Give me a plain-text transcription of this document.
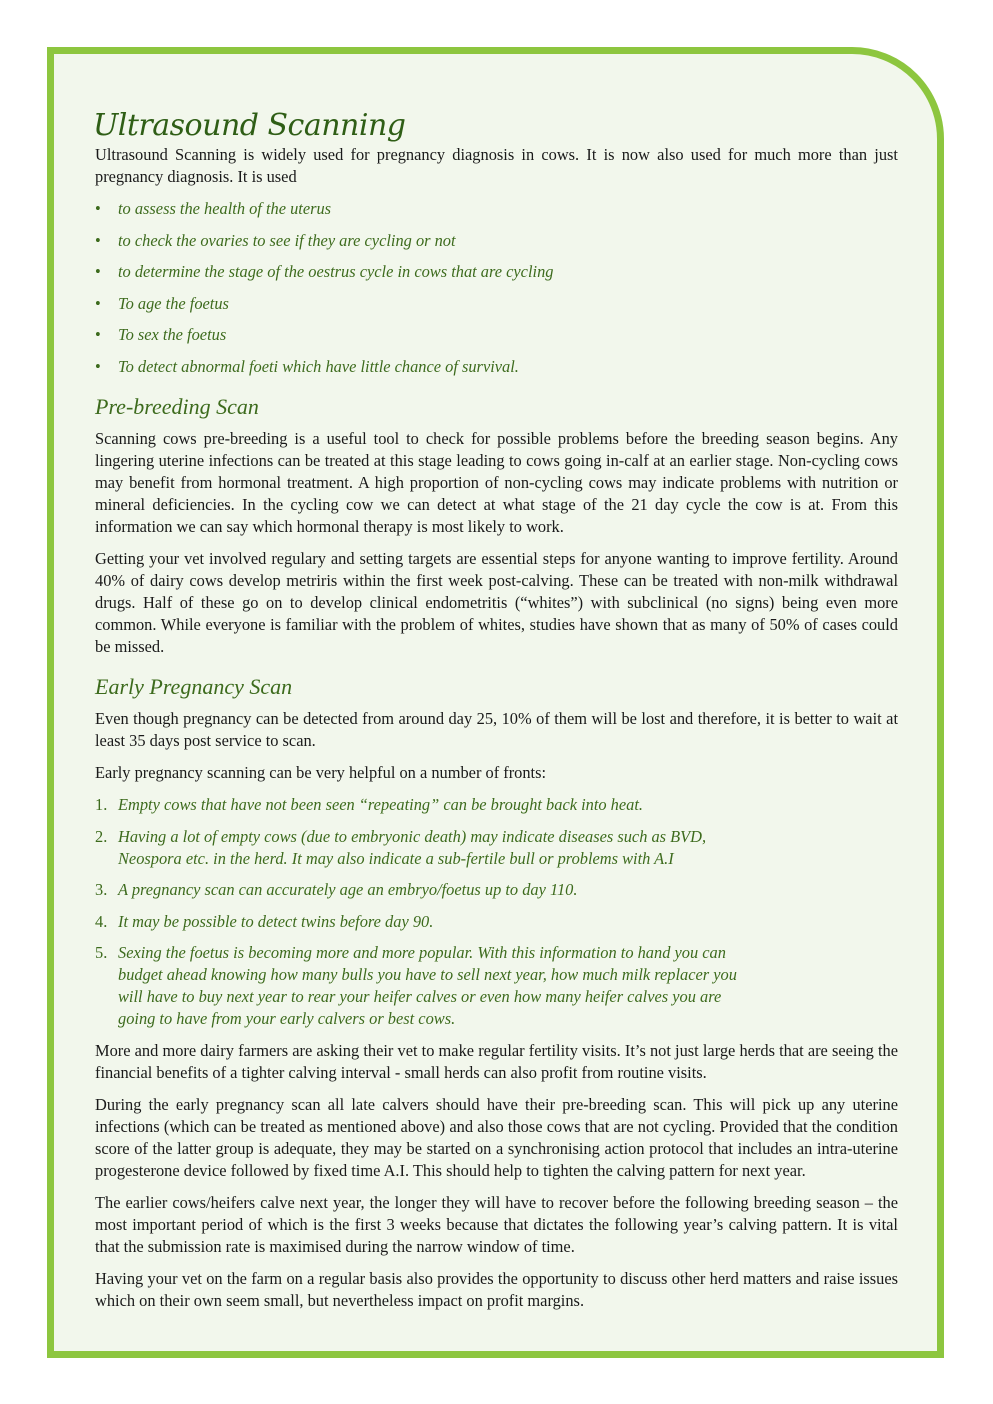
Ultrasound Scanning

Ultrasound Scanning is widely used for pregnancy diagnosis in cows. It is now also used for much more than just pregnancy diagnosis. It is used

• to assess the health of the uterus
• to check the ovaries to see if they are cycling or not
• to determine the stage of the oestrus cycle in cows that are cycling
• To age the foetus
• To sex the foetus
• To detect abnormal foeti which have little chance of survival.
Pre-breeding Scan

Scanning cows pre-breeding is a useful tool to check for possible problems before the breeding season begins. Any lingering uterine infections can be treated at this stage leading to cows going in-calf at an earlier stage. Non-cycling cows may benefit from hormonal treatment. A high proportion of non-cycling cows may indicate problems with nutrition or mineral deficiencies. In the cycling cow we can detect at what stage of the 21 day cycle the cow is at. From this information we can say which hormonal therapy is most likely to work.

Getting your vet involved regulary and setting targets are essential steps for anyone wanting to improve fertility. Around 40% of dairy cows develop metriris within the first week post-calving. These can be treated with non-milk withdrawal drugs. Half of these go on to develop clinical endometritis (“whites”) with subclinical (no signs) being even more common. While everyone is familiar with the problem of whites, studies have shown that as many of 50% of cases could be missed.

Early Pregnancy Scan

Even though pregnancy can be detected from around day 25, 10% of them will be lost and therefore, it is better to wait at least 35 days post service to scan.

Early pregnancy scanning can be very helpful on a number of fronts:

1. Empty cows that have not been seen “repeating” can be brought back into heat.
2. Having a lot of empty cows (due to embryonic death) may indicate diseases such as BVD, Neospora etc. in the herd. It may also indicate a sub-fertile bull or problems with A.I
3. A pregnancy scan can accurately age an embryo/foetus up to day 110.
4. It may be possible to detect twins before day 90.
5. Sexing the foetus is becoming more and more popular. With this information to hand you can budget ahead knowing how many bulls you have to sell next year, how much milk replacer you will have to buy next year to rear your heifer calves or even how many heifer calves you are going to have from your early calvers or best cows.

More and more dairy farmers are asking their vet to make regular fertility visits. It’s not just large herds that are seeing the financial benefits of a tighter calving interval - small herds can also profit from routine visits.

During the early pregnancy scan all late calvers should have their pre-breeding scan. This will pick up any uterine infections (which can be treated as mentioned above) and also those cows that are not cycling. Provided that the condition score of the latter group is adequate, they may be started on a synchronising action protocol that includes an intra-uterine progesterone device followed by fixed time A.I. This should help to tighten the calving pattern for next year.

The earlier cows/heifers calve next year, the longer they will have to recover before the following breeding season – the most important period of which is the first 3 weeks because that dictates the following year’s calving pattern. It is vital that the submission rate is maximised during the narrow window of time.

Having your vet on the farm on a regular basis also provides the opportunity to discuss other herd matters and raise issues which on their own seem small, but nevertheless impact on profit margins.
